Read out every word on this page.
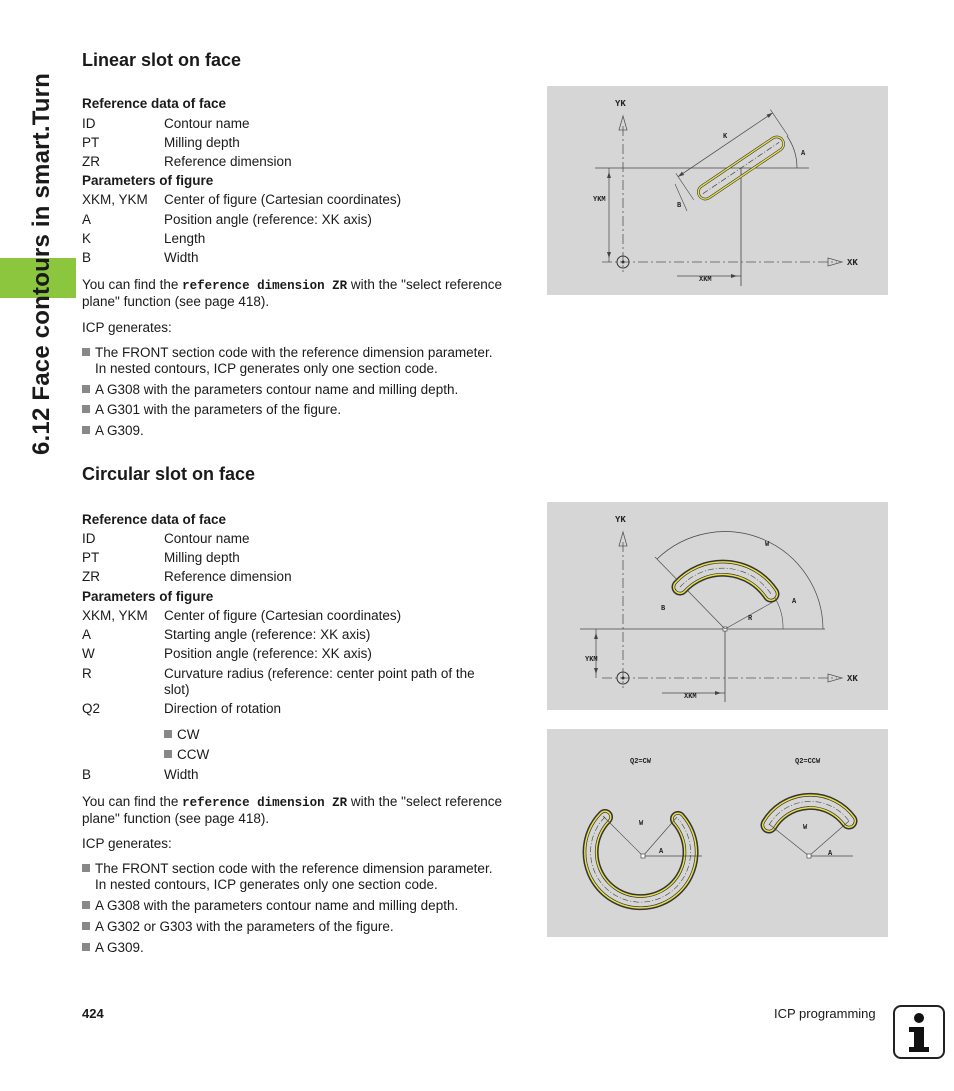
6.12 Face contours in smart.Turn
Linear slot on face
Reference data of face
ID	Contour name
PT	Milling depth
ZR	Reference dimension
Parameters of figure
XKM, YKM Center of figure (Cartesian coordinates)
A	Position angle (reference: XK axis)
K	Length
B	Width
You can find the reference dimension ZR with the "select reference plane" function (see page 418).
ICP generates:
The FRONT section code with the reference dimension parameter.
In nested contours, ICP generates only one section code.
A G308 with the parameters contour name and milling depth.
A G301 with the parameters of the figure.
A G309.
YK
XK
YKM
XKM
K
A
B
Circular slot on face
Reference data of face
ID	Contour name
PT	Milling depth
ZR	Reference dimension
Parameters of figure
XKM, YKM Center of figure (Cartesian coordinates)
A	Starting angle (reference: XK axis)
W	Position angle (reference: XK axis)
R	Curvature radius (reference: center point path of the
slot)
Q2	Direction of rotation
CW
CCW
B	Width
You can find the reference dimension ZR with the "select reference plane" function (see page 418).
ICP generates:
The FRONT section code with the reference dimension parameter.
In nested contours, ICP generates only one section code.
A G308 with the parameters contour name and milling depth.
A G302 or G303 with the parameters of the figure.
A G309.
YK
XK
YKM
XKM
W
R
A
B
Q2=CW	Q2=CCW
W
A
W
A
424	ICP programming
